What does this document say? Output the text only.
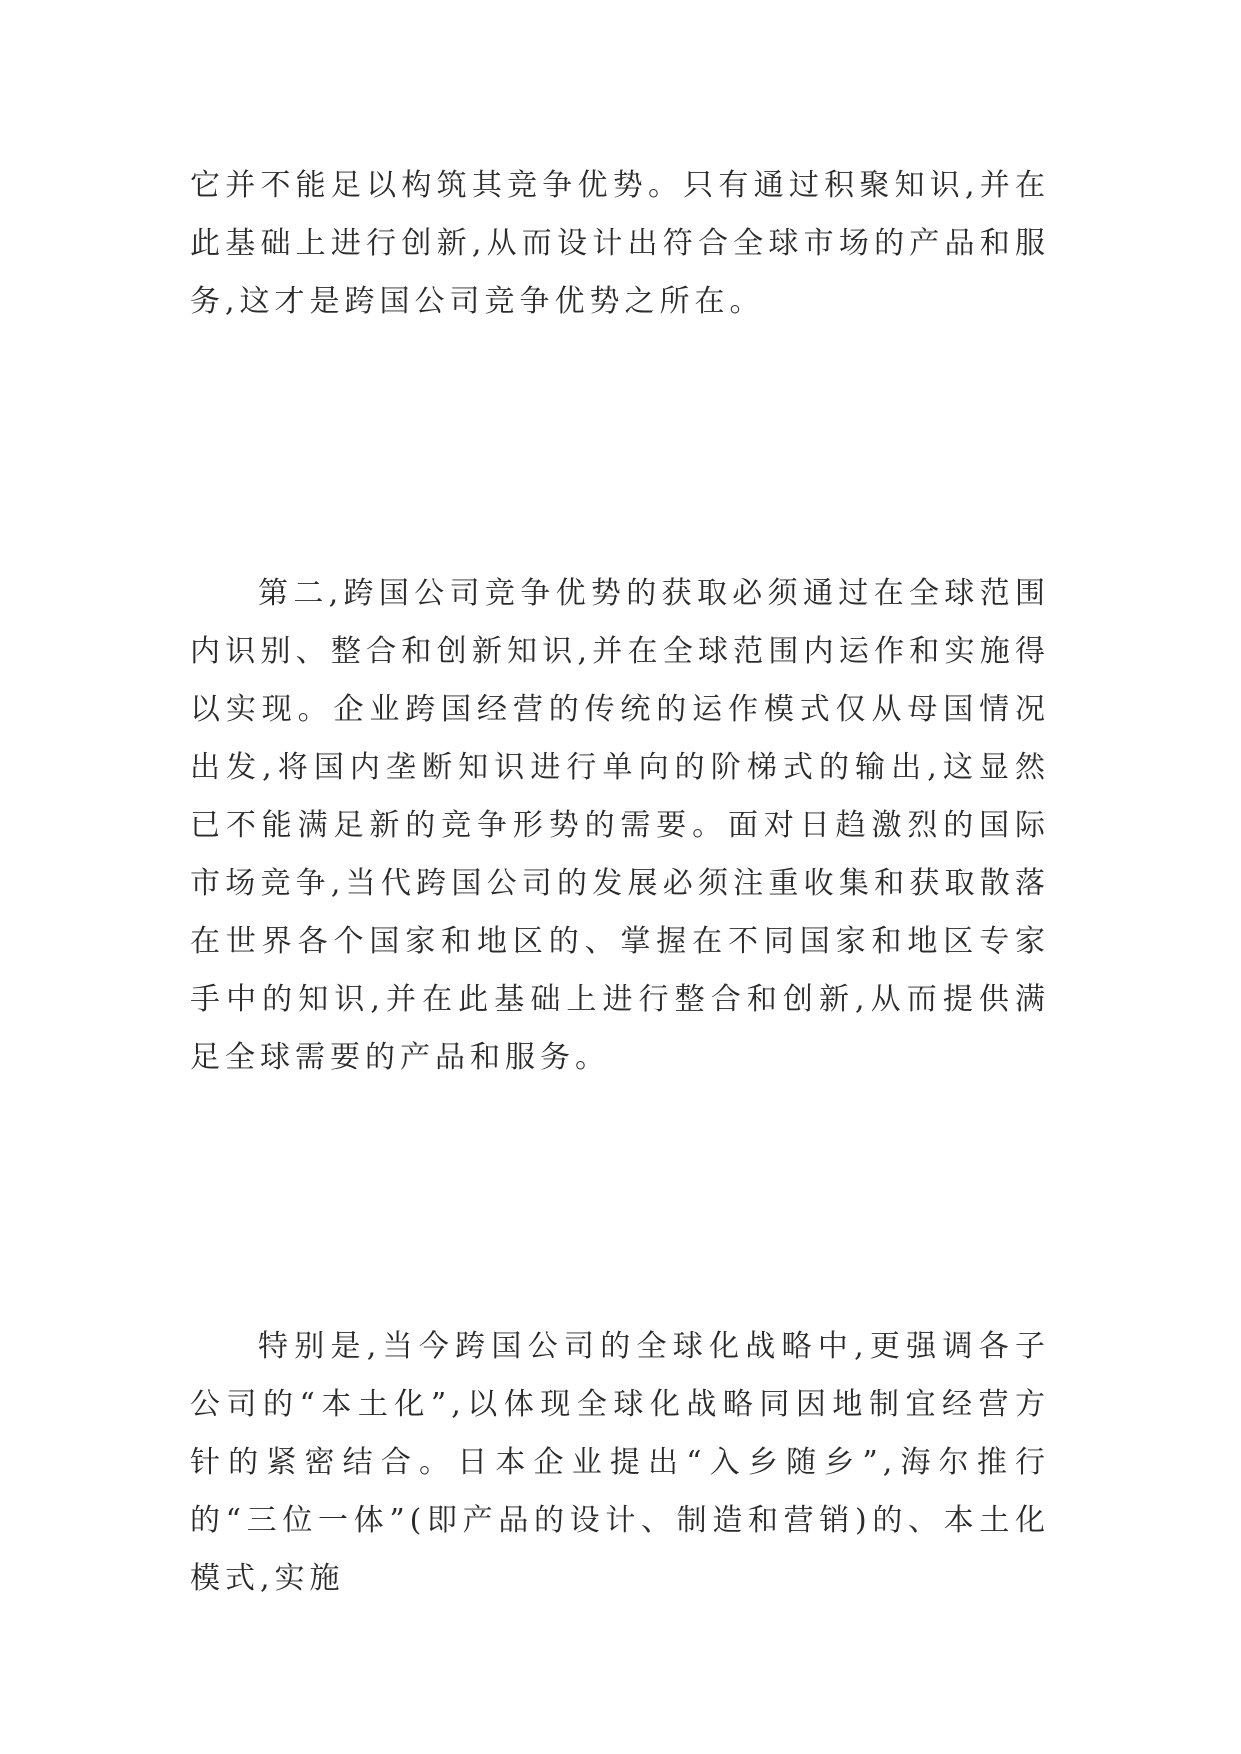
它并不能足以构筑其竞争优势。只有通过积聚知识,并在此基础上进行创新,从而设计出符合全球市场的产品和服务,这才是跨国公司竞争优势之所在。

第二,跨国公司竞争优势的获取必须通过在全球范围内识别、整合和创新知识,并在全球范围内运作和实施得以实现。企业跨国经营的传统的运作模式仅从母国情况出发,将国内垄断知识进行单向的阶梯式的输出,这显然已不能满足新的竞争形势的需要。面对日趋激烈的国际市场竞争,当代跨国公司的发展必须注重收集和获取散落在世界各个国家和地区的、掌握在不同国家和地区专家手中的知识,并在此基础上进行整合和创新,从而提供满足全球需要的产品和服务。

特别是,当今跨国公司的全球化战略中,更强调各子公司的“本土化”,以体现全球化战略同因地制宜经营方针的紧密结合。日本企业提出“入乡随乡”,海尔推行的“三位一体”(即产品的设计、制造和营销)的、本土化模式,实施
